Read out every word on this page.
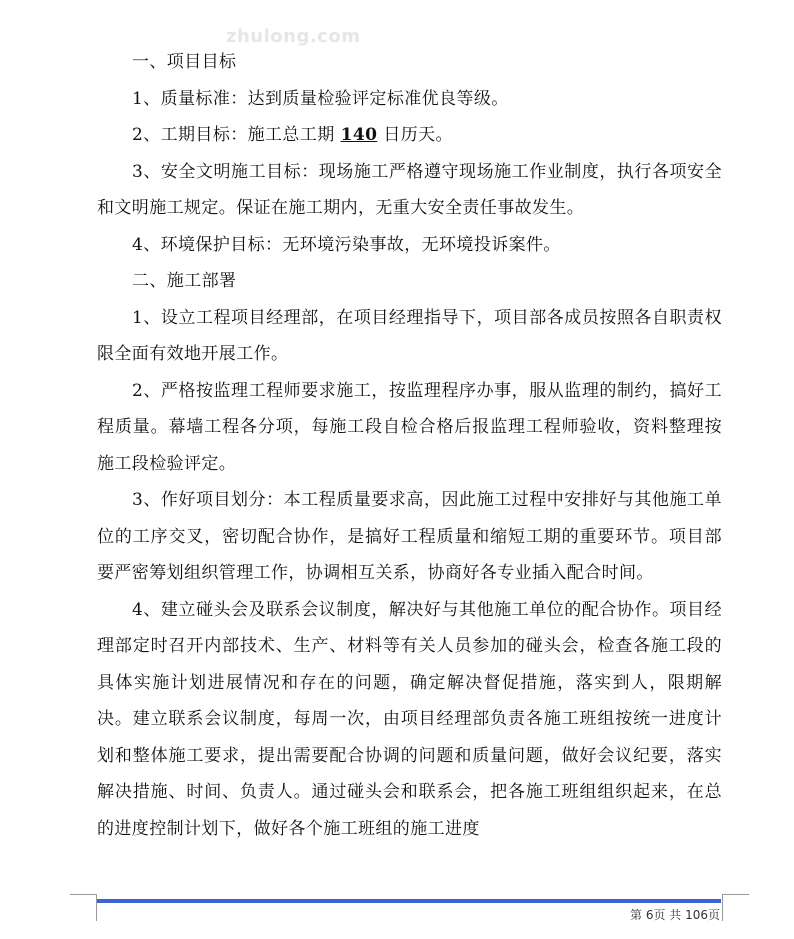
zhulong.com

一、项目目标

1、质量标准：达到质量检验评定标准优良等级。

2、工期目标：施工总工期 140 日历天。

3、安全文明施工目标：现场施工严格遵守现场施工作业制度，执行各项安全和文明施工规定。保证在施工期内，无重大安全责任事故发生。

4、环境保护目标：无环境污染事故，无环境投诉案件。

二、施工部署

1、设立工程项目经理部，在项目经理指导下，项目部各成员按照各自职责权限全面有效地开展工作。

2、严格按监理工程师要求施工，按监理程序办事，服从监理的制约，搞好工程质量。幕墙工程各分项，每施工段自检合格后报监理工程师验收，资料整理按施工段检验评定。

3、作好项目划分：本工程质量要求高，因此施工过程中安排好与其他施工单位的工序交叉，密切配合协作，是搞好工程质量和缩短工期的重要环节。项目部要严密筹划组织管理工作，协调相互关系，协商好各专业插入配合时间。

4、建立碰头会及联系会议制度，解决好与其他施工单位的配合协作。项目经理部定时召开内部技术、生产、材料等有关人员参加的碰头会，检查各施工段的具体实施计划进展情况和存在的问题，确定解决督促措施，落实到人，限期解决。建立联系会议制度，每周一次，由项目经理部负责各施工班组按统一进度计划和整体施工要求，提出需要配合协调的问题和质量问题，做好会议纪要，落实解决措施、时间、负责人。通过碰头会和联系会，把各施工班组组织起来，在总的进度控制计划下，做好各个施工班组的施工进度

第 6页 共 106页
